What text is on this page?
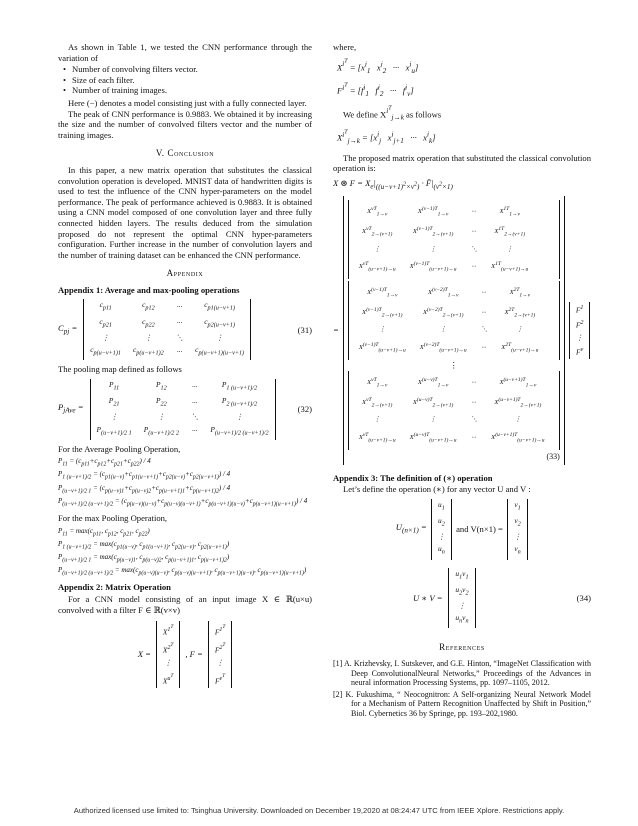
As shown in Table 1, we tested the CNN performance through the variation of

• Number of convolving filters vector.
• Size of each filter.
• Number of training images.

Here (−) denotes a model consisting just with a fully connected layer.

The peak of CNN performance is 0.9883. We obtained it by increasing the size and the number of convolved filters vector and the number of training images.

V. Conclusion

In this paper, a new matrix operation that substitutes the classical convolution operation is developed. MNIST data of handwritten digits is used to test the influence of the CNN hyper-parameters on the model performance. The peak of performance achieved is 0.9883. It is obtained using a CNN model composed of one convolution layer and three fully connected hidden layers. The results deduced from the simulation proposed do not represent the optimal CNN hyper-parameters configuration. Further increase in the number of convolution layers and the number of training dataset can be enhanced the CNN performance.

Appendix
Appendix 1: Average and max-pooling operations
$C_{pj}$ =
$c_{p11}$	$c_{p12}$	···	$c_{p1(u-v+1)}$
$c_{p21}$	$c_{p22}$	···	$c_{p2(u-v+1)}$
⋮	⋮	⋱	⋮
$c_{p(u-v+1)1}$	$c_{p(u-v+1)2}$	···	$c_{p(u-v+1)(u-v+1)}$
(31)

The pooling map defined as follows

$P_{jAve}$ =
$P_{11}$	$P_{12}$	···	$P_{1 (u-v+1)/2}$
$P_{21}$	$P_{22}$	···	$P_{2 (u-v+1)/2}$
⋮	⋮	⋱	⋮
$P_{(u-v+1)/2 1}$	$P_{(u-v+1)/2 2}$	···	$P_{(u-v+1)/2 (u-v+1)/2}$
(32)

For the Average Pooling Operation,

$P_{11} = (c_{p11}+c_{p12}+c_{p21}+c_{p22}) / 4$
$P_{1 (u-v+1)/2} = (c_{p1(u-v)}+c_{p1(u-v+1)}+c_{p2(u-v)}+c_{p2(u-v+1)}) / 4$
$P_{(u-v+1)/2 1} = (c_{p(u-v)1}+c_{p(u-v)2}+c_{p(u-v+1)1}+c_{p(u-v+1)2}) / 4$
$P_{(u-v+1)/2 (u-v+1)/2} = (c_{p(u-v)(u-v)}+c_{p(u-v)(u-v+1)}+c_{p(u-v+1)(u-v)}+c_{p(u-v+1)(u-v+1)}) / 4$

For the max Pooling Operation,

$P_{11} = \max(c_{p11}$, $c_{p12}$, $c_{p21}$, $c_{p22}$)
$P_{1 (u-v+1)/2} = \max(c_{p1(u-v)}$, $c_{p1(u-v+1)}$, $c_{p2(u-v)}$, $c_{p2(u-v+1)}$)
$P_{(u-v+1)/2 1} = \max(c_{p(u-v)1}$, $c_{p(u-v)2}$, $c_{p(u-v+1)1}$, $c_{p(u-v+1)2}$)
$P_{(u-v+1)/2 (u-v+1)/2} = \max(c_{p(u-v)(u-v)}$, $c_{p(u-v)(u-v+1)}$, $c_{p(u-v+1)(u-v)}$, $c_{p(u-v+1)(u-v+1)}$)
Appendix 2: Matrix Operation

For a CNN model consisting of an input image X ∈ ℝ(u×u) convolved with a filter F ∈ ℝ(v×v)

X =
$X^{1^T}$
$X^{2^T}$
⋮
$X^{u^T}$
, F =
$F^{1^T}$
$F^{2^T}$
⋮
$F^{v^T}$

where,

$X^{i^T} = [x^i_1$   $x^i_2$   ···   $x^i_u$]
$F^{i^T} = [f^i_1$   $f^i_2$   ···   $f^i_v$]

We define $X^{i^T}_{j\to k}$ as follows

$X^{i^T}_{j\to k} = [x^i_j$   $x^i_{j+1}$   ···   $x^i_k$]

The proposed matrix operation that substituted the classical convolution operation is:

X ⊛ $F = X_e|_{((u-v+1)^2\times v^2)}$ · $F̄|_{(v^2\times 1)}$
=
$X^{vT}_{1\to v}$	$X^{(v-1)T}_{1\to v}$	···	$X^{1T}_{1\to v}$
$X^{vT}_{2\to(v+1)}$	$X^{(v-1)T}_{2\to(v+1)}$	···	$X^{1T}_{2\to(v+1)}$
⋮	⋮	⋱	⋮
$X^{vT}_{(u-v+1)\to u}$	$X^{(v-1)T}_{(u-v+1)\to u}$	···	$X^{1T}_{(u-v+1)\to u}$
$X^{(v-1)T}_{1\to v}$	$X^{(v-2)T}_{1\to v}$	···	$X^{2T}_{1\to v}$
$X^{(v-1)T}_{2\to(v+1)}$	$X^{(v-2)T}_{2\to(v+1)}$	···	$X^{2T}_{2\to(v+1)}$
⋮	⋮	⋱	⋮
$X^{(v-1)T}_{(u-v+1)\to u}$	$X^{(v-2)T}_{(u-v+1)\to u}$	···	$X^{2T}_{(u-v+1)\to u}$
⋮
$X^{vT}_{1\to v}$	$X^{(u-v)T}_{1\to v}$	···	$X^{(u-v+1)T}_{1\to v}$
$X^{vT}_{2\to(v+1)}$	$X^{(u-v)T}_{2\to(v+1)}$	···	$X^{(u-v+1)T}_{2\to(v+1)}$
⋮	⋮	⋱	⋮
$X^{vT}_{(u-v+1)\to u}$	$X^{(u-v)T}_{(u-v+1)\to u}$	···	$X^{(u-v+1)T}_{(u-v+1)\to u}$
(33)
$F^1$
$F^2$
⋮
$F^v$
Appendix 3: The definition of (∗) operation

Let’s define the operation (∗) for any vector U and V :

$U_{(n\times 1)}$ =
$u_1$
$u_2$
⋮
$u_n$
and V(n×1) =
$v_1$
$v_2$
⋮
$v_n$
U ∗ V =
$u_1v_1$
$u_2v_2$
⋮
$u_nv_n$
(34)
References
[1] A. Krizhevsky, I. Sutskever, and G.E. Hinton, “ImageNet Classification with Deep ConvolutionalNeural Networks,” Proceedings of the Advances in neural information Processing Systems, pp. 1097–1105, 2012.
[2] K. Fukushima, “ Neocognitron: A Self-organizing Neural Network Model for a Mechanism of Pattern Recognition Unaffected by Shift in Position,” Biol. Cybernetics 36 by Springe, pp. 193–202,1980.
Authorized licensed use limited to: Tsinghua University. Downloaded on December 19,2020 at 08:24:47 UTC from IEEE Xplore. Restrictions apply.
